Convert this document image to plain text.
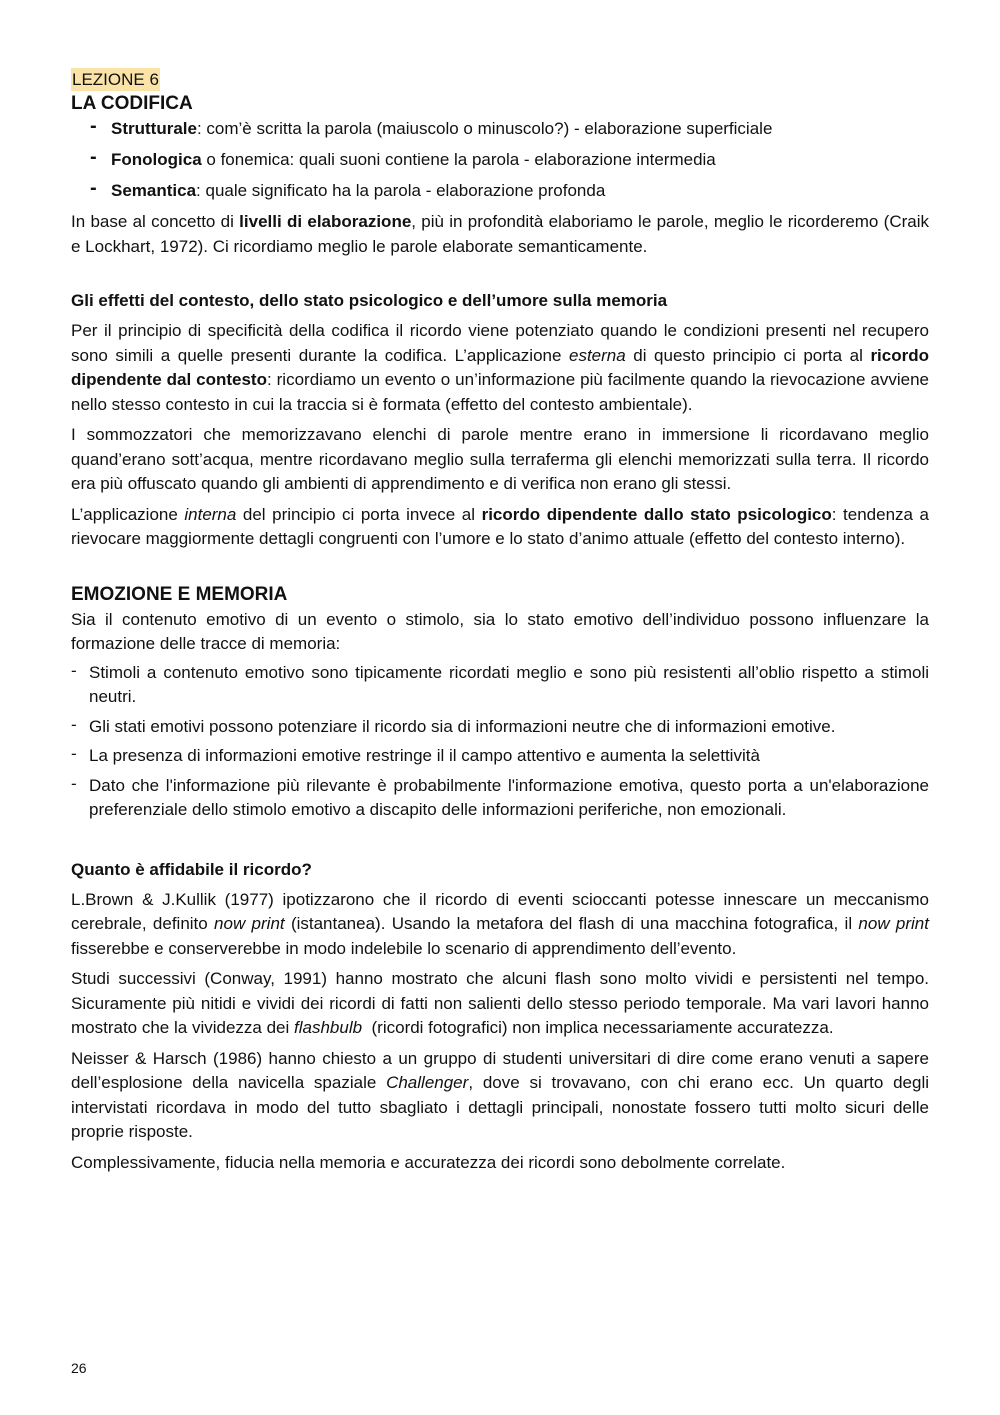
LEZIONE 6
LA CODIFICA
- Strutturale: com’è scritta la parola (maiuscolo o minuscolo?) - elaborazione superficiale
- Fonologica o fonemica: quali suoni contiene la parola - elaborazione intermedia
- Semantica: quale significato ha la parola - elaborazione profonda

In base al concetto di livelli di elaborazione, più in profondità elaboriamo le parole, meglio le ricorderemo (Craik e Lockhart, 1972). Ci ricordiamo meglio le parole elaborate semanticamente.

Gli effetti del contesto, dello stato psicologico e dell’umore sulla memoria

Per il principio di specificità della codifica il ricordo viene potenziato quando le condizioni presenti nel recupero sono simili a quelle presenti durante la codifica. L’applicazione esterna di questo principio ci porta al ricordo dipendente dal contesto: ricordiamo un evento o un’informazione più facilmente quando la rievocazione avviene nello stesso contesto in cui la traccia si è formata (effetto del contesto ambientale).

I sommozzatori che memorizzavano elenchi di parole mentre erano in immersione li ricordavano meglio quand’erano sott’acqua, mentre ricordavano meglio sulla terraferma gli elenchi memorizzati sulla terra. Il ricordo era più offuscato quando gli ambienti di apprendimento e di verifica non erano gli stessi.

L’applicazione interna del principio ci porta invece al ricordo dipendente dallo stato psicologico: tendenza a rievocare maggiormente dettagli congruenti con l’umore e lo stato d’animo attuale (effetto del contesto interno).

EMOZIONE E MEMORIA

Sia il contenuto emotivo di un evento o stimolo, sia lo stato emotivo dell’individuo possono influenzare la formazione delle tracce di memoria:

- Stimoli a contenuto emotivo sono tipicamente ricordati meglio e sono più resistenti all’oblio rispetto a stimoli neutri.
- Gli stati emotivi possono potenziare il ricordo sia di informazioni neutre che di informazioni emotive.
- La presenza di informazioni emotive restringe il il campo attentivo e aumenta la selettività
- Dato che l'informazione più rilevante è probabilmente l'informazione emotiva, questo porta a un'elaborazione preferenziale dello stimolo emotivo a discapito delle informazioni periferiche, non emozionali.
Quanto è affidabile il ricordo?

L.Brown & J.Kullik (1977) ipotizzarono che il ricordo di eventi scioccanti potesse innescare un meccanismo cerebrale, definito now print (istantanea). Usando la metafora del flash di una macchina fotografica, il now print fisserebbe e conserverebbe in modo indelebile lo scenario di apprendimento dell’evento.

Studi successivi (Conway, 1991) hanno mostrato che alcuni flash sono molto vividi e persistenti nel tempo. Sicuramente più nitidi e vividi dei ricordi di fatti non salienti dello stesso periodo temporale. Ma vari lavori hanno mostrato che la vividezza dei flashbulb  (ricordi fotografici) non implica necessariamente accuratezza.

Neisser & Harsch (1986) hanno chiesto a un gruppo di studenti universitari di dire come erano venuti a sapere dell’esplosione della navicella spaziale Challenger, dove si trovavano, con chi erano ecc. Un quarto degli intervistati ricordava in modo del tutto sbagliato i dettagli principali, nonostate fossero tutti molto sicuri delle proprie risposte.

Complessivamente, fiducia nella memoria e accuratezza dei ricordi sono debolmente correlate.

26
